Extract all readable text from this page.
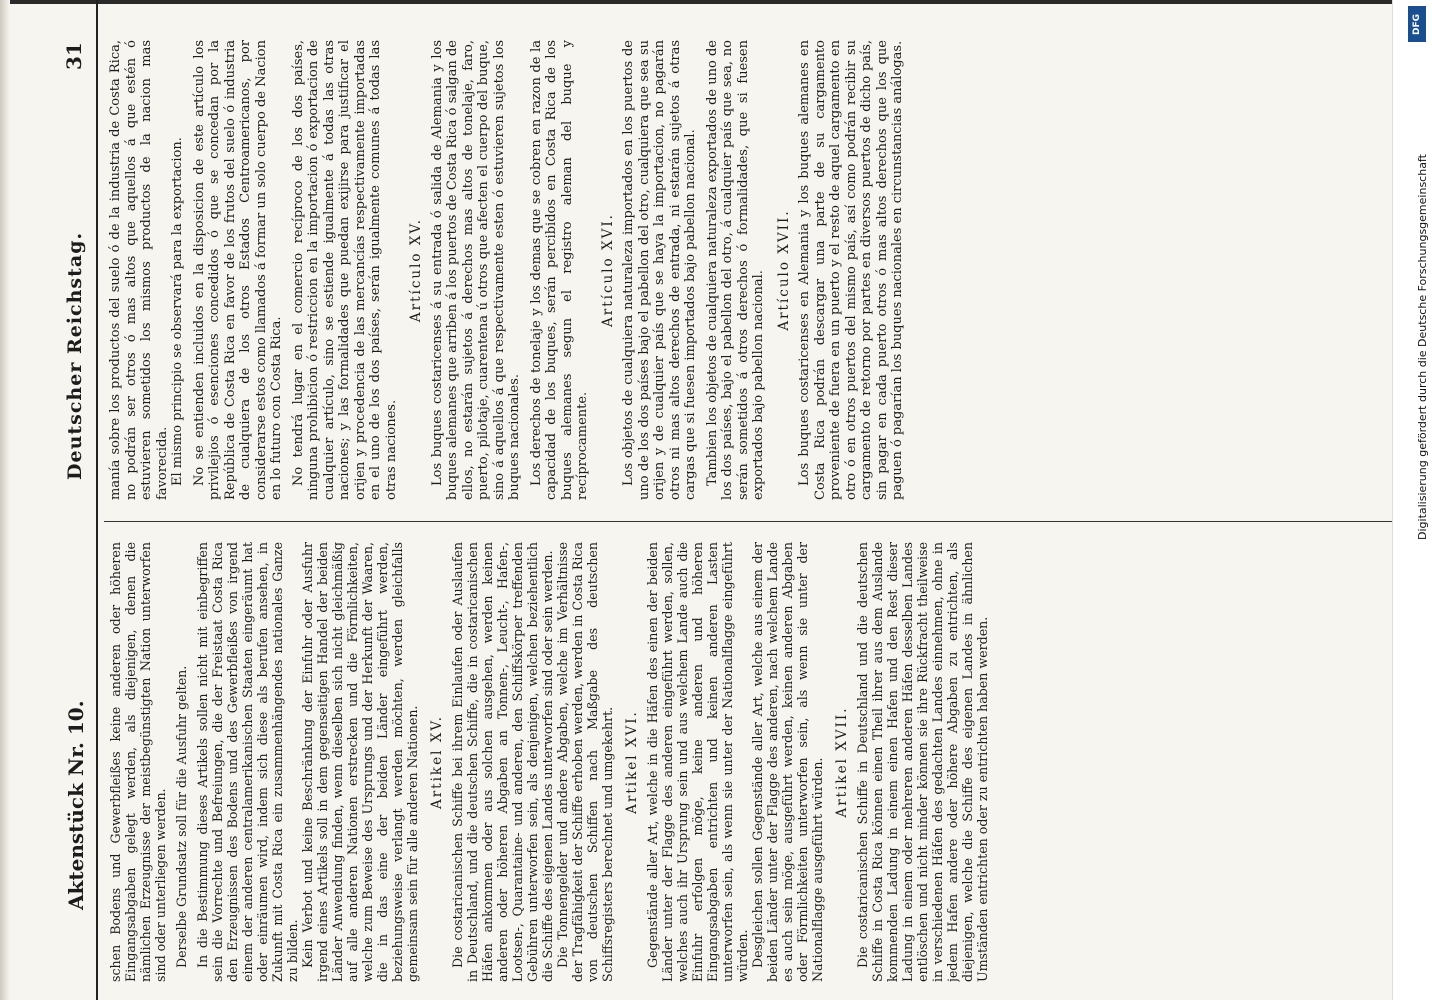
Deutscher Reichstag.
Aktenstück Nr. 10.
31

schen Bodens und Gewerbfleißes keine anderen oder höheren Eingangsabgaben gelegt werden, als diejenigen, denen die nämlichen Erzeugnisse der meistbegünstigten Nation unterworfen sind oder unterliegen werden. Derselbe Grundsatz soll für die Ausfuhr gelten. In die Bestimmung dieses Artikels sollen nicht mit einbegriffen sein die Vorrechte und Befreiungen, die der Freistaat Costa Rica den Erzeugnissen des Bodens und des Gewerbfleißes von irgend einem der anderen centralamerikanischen Staaten eingeräumt hat oder einräumen wird, indem sich diese als berufen ansehen, in Zukunft mit Costa Rica ein zusammenhängendes nationales Ganze zu bilden. Kein Verbot und keine Beschränkung der Einfuhr oder Ausfuhr irgend eines Artikels soll in dem gegenseitigen Handel der beiden Länder Anwendung finden, wenn dieselben sich nicht gleichmäßig auf alle anderen Nationen erstrecken und die Förmlichkeiten, welche zum Beweise des Ursprungs und der Herkunft der Waaren, die in das eine der beiden Länder eingeführt werden, beziehungsweise verlangt werden möchten, werden gleichfalls gemeinsam sein für alle anderen Nationen. Artikel XV. Die costaricanischen Schiffe bei ihrem Einlaufen oder Auslaufen in Deutschland, und die deutschen Schiffe, die in costaricanischen Häfen ankommen oder aus solchen ausgehen, werden keinen anderen oder höheren Abgaben an Tonnen-, Leucht-, Hafen-, Lootsen-, Quarantaine- und anderen, den Schiffskörper treffenden Gebühren unterworfen sein, als denjenigen, welchen beziehentlich die Schiffe des eigenen Landes unterworfen sind oder sein werden. Die Tonnengelder und andere Abgaben, welche im Verhältnisse der Tragfähigkeit der Schiffe erhoben werden, werden in Costa Rica von deutschen Schiffen nach Maßgabe des deutschen Schiffsregisters berechnet und umgekehrt. Artikel XVI. Gegenstände aller Art, welche in die Häfen des einen der beiden Länder unter der Flagge des anderen eingeführt werden, sollen, welches auch ihr Ursprung sein und aus welchem Lande auch die Einfuhr erfolgen möge, keine anderen und höheren Eingangsabgaben entrichten und keinen anderen Lasten unterworfen sein, als wenn sie unter der Nationalflagge eingeführt würden. Desgleichen sollen Gegenstände aller Art, welche aus einem der beiden Länder unter der Flagge des anderen, nach welchem Lande es auch sein möge, ausgeführt werden, keinen anderen Abgaben oder Förmlichkeiten unterworfen sein, als wenn sie unter der Nationalflagge ausgeführt würden. Artikel XVII. Die costaricanischen Schiffe in Deutschland und die deutschen Schiffe in Costa Rica können einen Theil ihrer aus dem Auslande kommenden Ladung in einem einen Hafen und den Rest dieser Ladung in einem oder mehreren anderen Häfen desselben Landes entlöschen und nicht minder können sie ihre Rückfracht theilweise in verschiedenen Häfen des gedachten Landes einnehmen, ohne in jedem Hafen andere oder höhere Abgaben zu entrichten, als diejenigen, welche die Schiffe des eigenen Landes in ähnlichen Umständen entrichten oder zu entrichten haben werden.

manía sobre los productos del suelo ó de la industria de Costa Rica, no podrán ser otros ó mas altos que aquellos á que estén ó estuvieren sometidos los mismos productos de la nacion mas favorecida. El mismo principio se observará para la exportacion. No se entienden incluidos en la disposicion de este artículo los privilejios ó esenciones concedidos ó que se concedan por la República de Costa Rica en favor de los frutos del suelo ó industria de cualquiera de los otros Estados Centroamericanos, por considerarse estos como llamados á formar un solo cuerpo de Nacion en lo futuro con Costa Rica. No tendrá lugar en el comercio recíproco de los dos países, ninguna prohibicion ó restriccion en la importacion ó exportacion de cualquier artículo, sino se estiende igualmente á todas las otras naciones; y las formalidades que puedan exijirse para justificar el orijen y procedencia de las mercancías respectivamente importadas en el uno de los dos países, serán igualmente comunes á todas las otras naciones.

Artículo XV. Los buques costaricenses á su entrada ó salida de Alemania y los buques alemanes que arriben á los puertos de Costa Rica ó salgan de ellos, no estarán sujetos á derechos mas altos de tonelaje, faro, puerto, pilotaje, cuarentena ú otros que afecten el cuerpo del buque, sino á aquellos á que respectivamente esten ó estuvieren sujetos los buques nacionales. Los derechos de tonelaje y los demas que se cobren en razon de la capacidad de los buques, serán percibidos en Costa Rica de los buques alemanes segun el registro aleman del buque y recíprocamente.

Artículo XVI. Los objetos de cualquiera naturaleza importados en los puertos de uno de los dos países bajo el pabellon del otro, cualquiera que sea su orijen y de cualquier país que se haya la importacion, no pagarán otros ni mas altos derechos de entrada, ni estarán sujetos á otras cargas que si fuesen importados bajo pabellon nacional. Tambien los objetos de cualquiera naturaleza exportados de uno de los dos países, bajo el pabellon del otro, á cualquier país que sea, no serán sometidos á otros derechos ó formalidades, que si fuesen exportados bajo pabellon nacional.

Artículo XVII. Los buques costaricenses en Alemania y los buques alemanes en Costa Rica podrán descargar una parte de su cargamento proveniente de fuera en un puerto y el resto de aquel cargamento en otro ó en otros puertos del mismo país, así como podrán recibir su cargamento de retorno por partes en diversos puertos de dicho país, sin pagar en cada puerto otros ó mas altos derechos que los que paguen ó pagarían los buques nacionales en circunstancias análogas.

DFG
Digitalisierung gefördert durch die Deutsche Forschungsgemeinschaft
